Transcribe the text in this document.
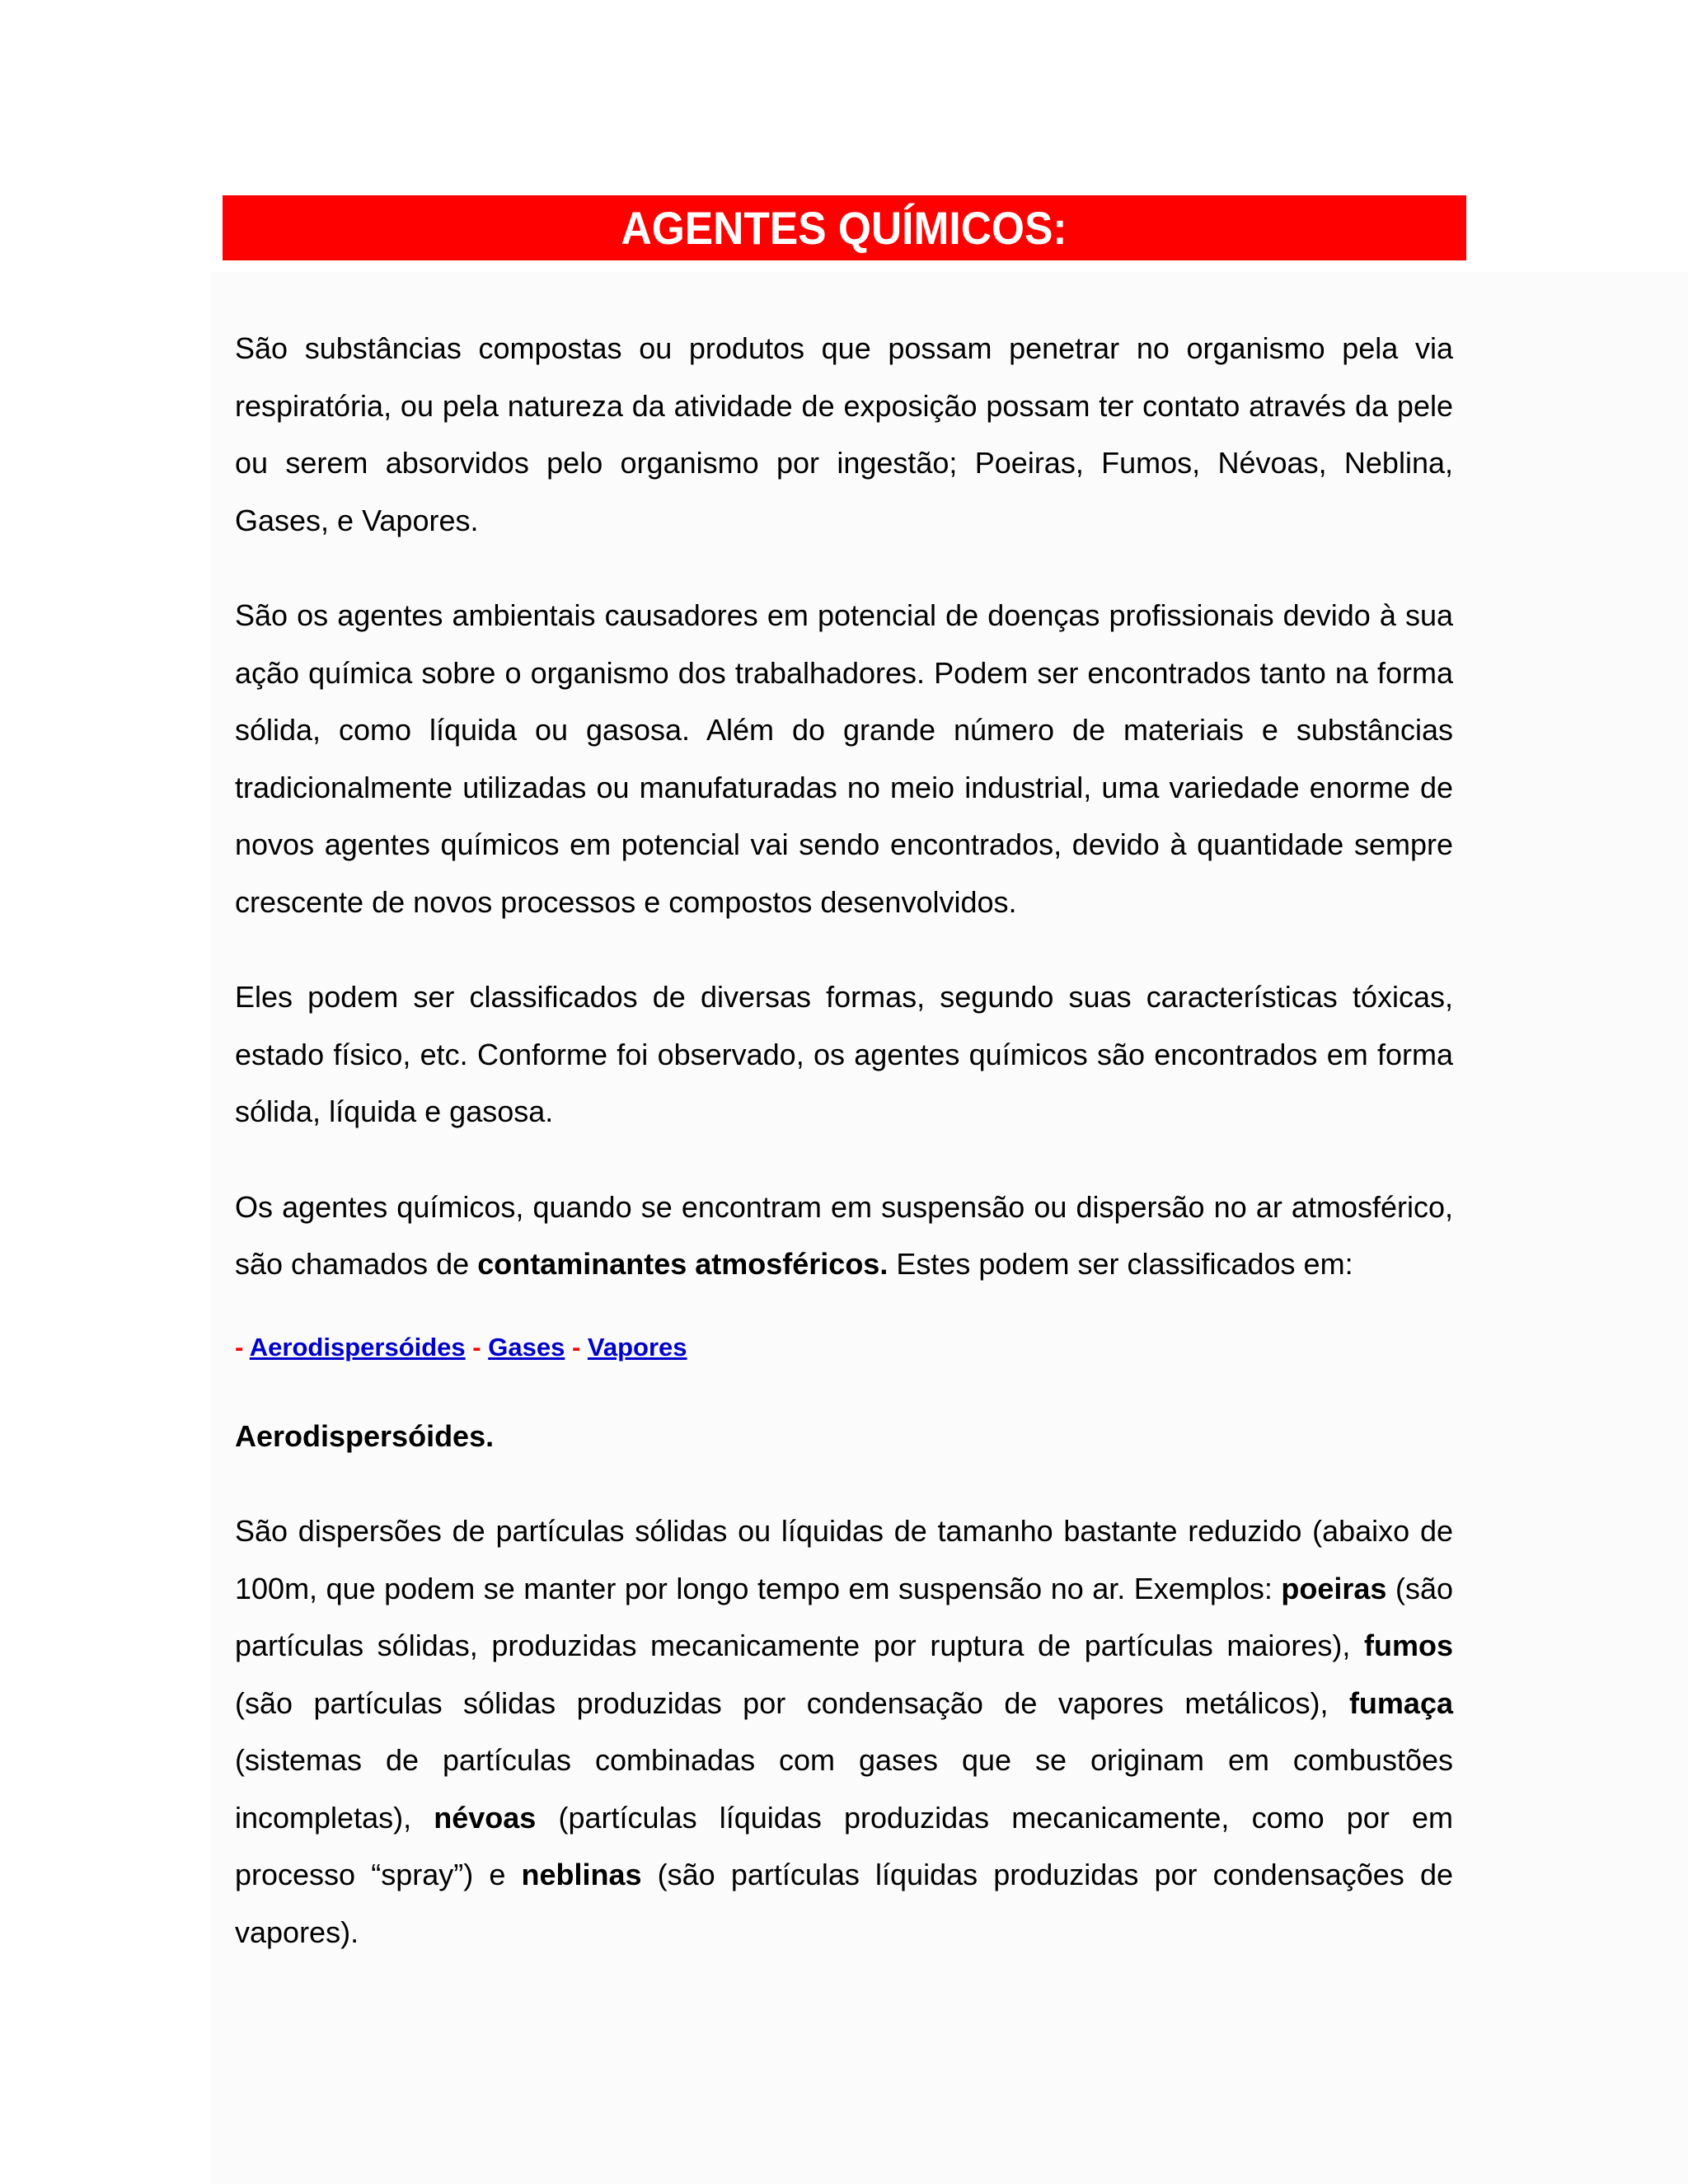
AGENTES QUÍMICOS:

São substâncias compostas ou produtos que possam penetrar no organismo pela via respiratória, ou pela natureza da atividade de exposição possam ter contato através da pele ou serem absorvidos pelo organismo por ingestão; Poeiras, Fumos, Névoas, Neblina, Gases, e Vapores.

São os agentes ambientais causadores em potencial de doenças profissionais devido à sua ação química sobre o organismo dos trabalhadores. Podem ser encontrados tanto na forma sólida, como líquida ou gasosa. Além do grande número de materiais e substâncias tradicionalmente utilizadas ou manufaturadas no meio industrial, uma variedade enorme de novos agentes químicos em potencial vai sendo encontrados, devido à quantidade sempre crescente de novos processos e compostos desenvolvidos.

Eles podem ser classificados de diversas formas, segundo suas características tóxicas, estado físico, etc. Conforme foi observado, os agentes químicos são encontrados em forma sólida, líquida e gasosa.

Os agentes químicos, quando se encontram em suspensão ou dispersão no ar atmosférico, são chamados de contaminantes atmosféricos. Estes podem ser classificados em:

- Aerodispersóides - Gases - Vapores
Aerodispersóides.

São dispersões de partículas sólidas ou líquidas de tamanho bastante reduzido (abaixo de 100m, que podem se manter por longo tempo em suspensão no ar. Exemplos: poeiras (são partículas sólidas, produzidas mecanicamente por ruptura de partículas maiores), fumos (são partículas sólidas produzidas por condensação de vapores metálicos), fumaça (sistemas de partículas combinadas com gases que se originam em combustões incompletas), névoas (partículas líquidas produzidas mecanicamente, como por em processo “spray”) e neblinas (são partículas líquidas produzidas por condensações de vapores).
